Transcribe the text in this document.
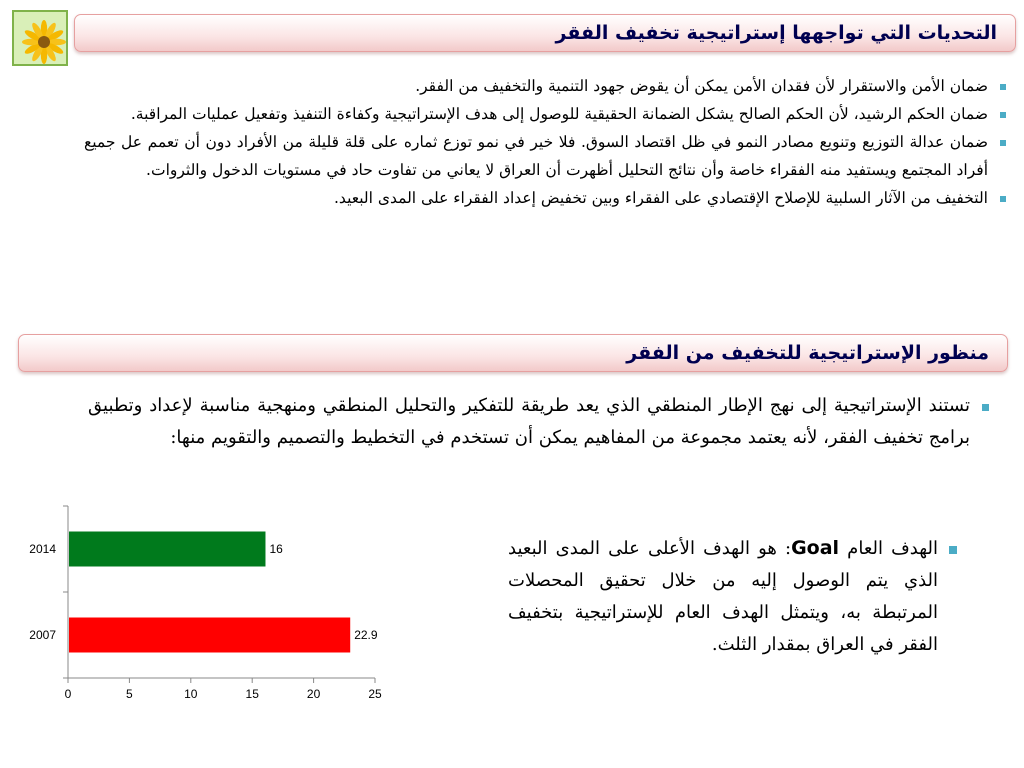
التحديات التي تواجهها إستراتيجية تخفيف الفقر
ضمان الأمن والاستقرار لأن فقدان الأمن يمكن أن يقوض جهود التنمية والتخفيف من الفقر.
ضمان الحكم الرشيد، لأن الحكم الصالح يشكل الضمانة الحقيقية للوصول إلى هدف الإستراتيجية وكفاءة التنفيذ وتفعيل عمليات المراقبة.
ضمان عدالة التوزيع وتنويع مصادر النمو في ظل اقتصاد السوق. فلا خير في نمو توزع ثماره على قلة قليلة من الأفراد دون أن تعمم عل جميع أفراد المجتمع ويستفيد منه الفقراء خاصة وأن نتائج التحليل أظهرت أن العراق لا يعاني من تفاوت حاد في مستويات الدخول والثروات.
التخفيف من الآثار السلبية للإصلاح الإقتصادي على الفقراء وبين تخفيض إعداد الفقراء على المدى البعيد.
منظور الإستراتيجية للتخفيف من الفقر
تستند الإستراتيجية إلى نهج الإطار المنطقي الذي يعد طريقة للتفكير والتحليل المنطقي ومنهجية مناسبة لإعداد وتطبيق برامج تخفيف الفقر، لأنه يعتمد مجموعة من المفاهيم يمكن أن تستخدم في التخطيط والتصميم والتقويم منها:
الهدف العام Goal: هو الهدف الأعلى على المدى البعيد الذي يتم الوصول إليه من خلال تحقيق المحصلات المرتبطة به، ويتمثل الهدف العام للإستراتيجية بتخفيف الفقر في العراق بمقدار الثلث.
0	5	10	15	20	25
2014	16
2007	22.9
